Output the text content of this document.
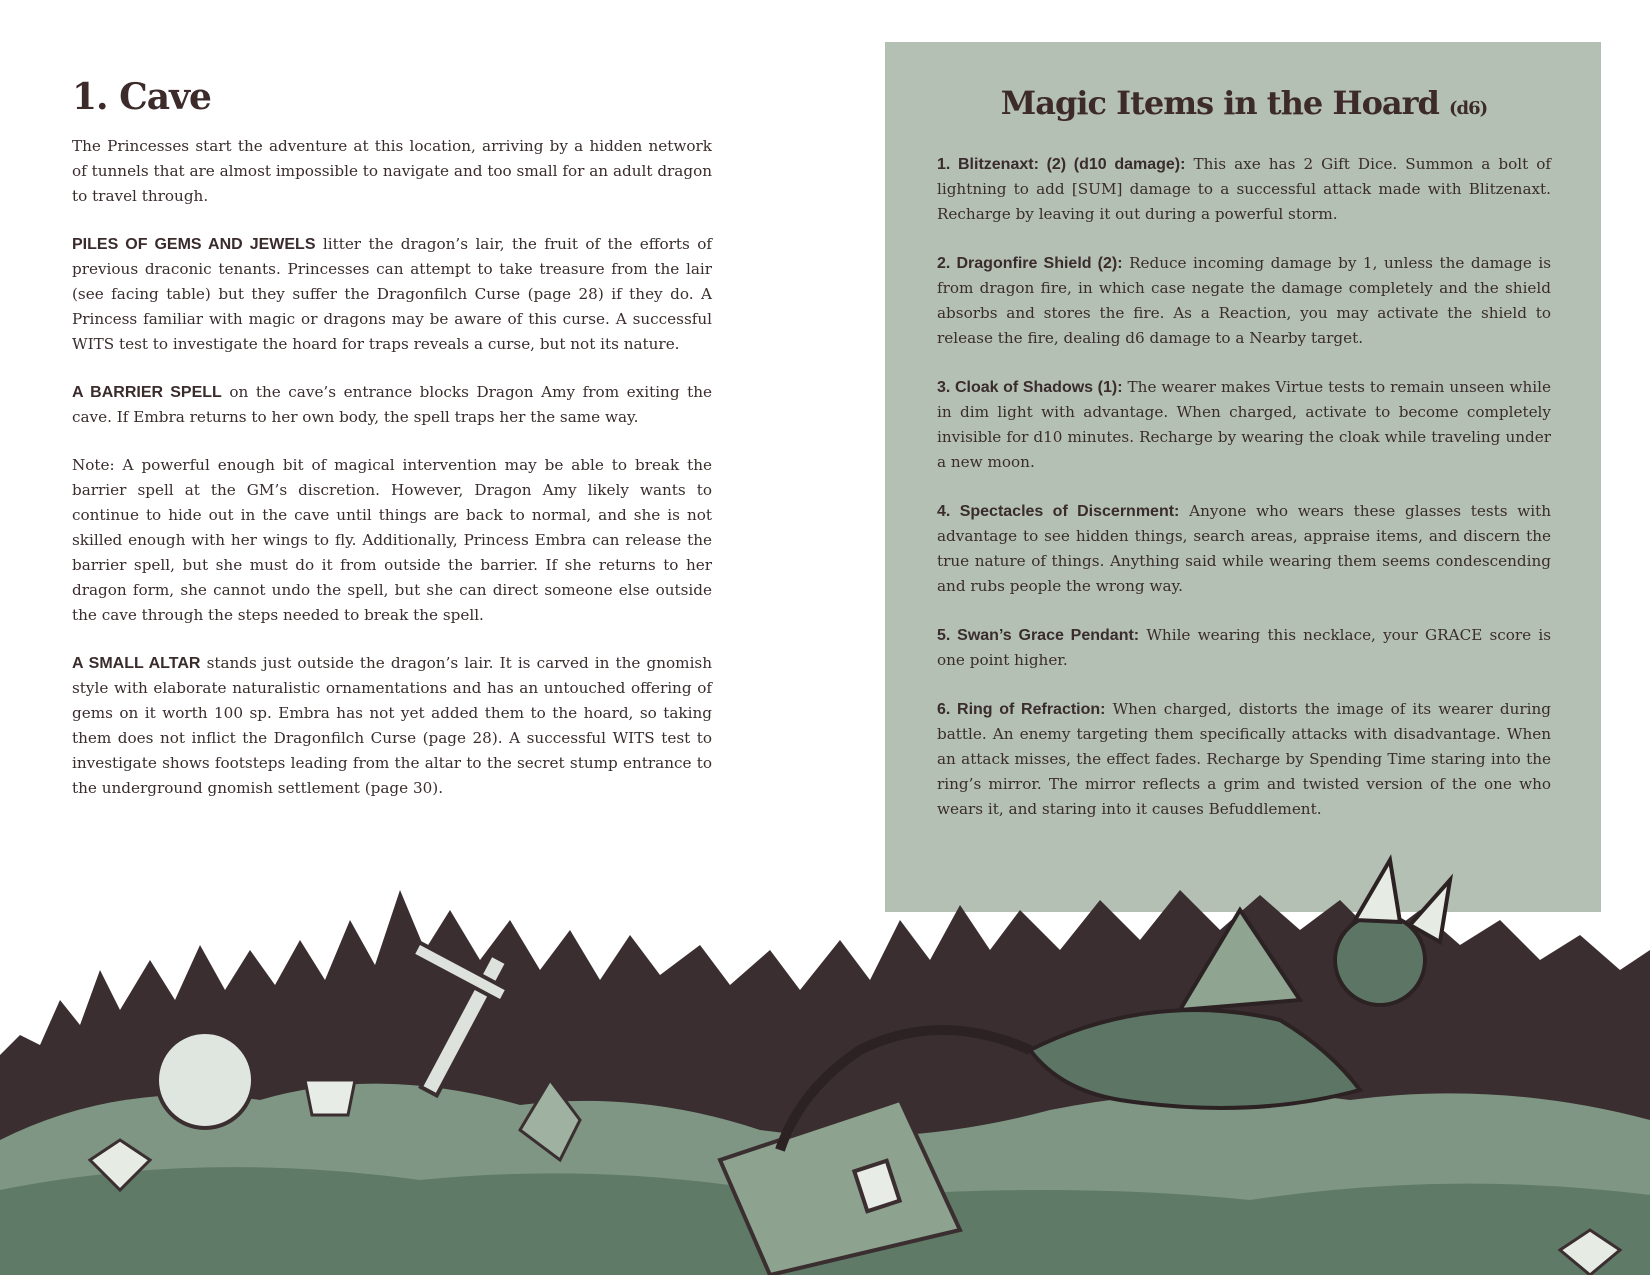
1. Cave

The Princesses start the adventure at this location, arriving by a hidden network of tunnels that are almost impossible to navigate and too small for an adult dragon to travel through.

PILES OF GEMS AND JEWELS litter the dragon’s lair, the fruit of the efforts of previous draconic tenants. Princesses can attempt to take treasure from the lair (see facing table) but they suffer the Dragonfilch Curse (page 28) if they do. A Princess familiar with magic or dragons may be aware of this curse. A successful WITS test to investigate the hoard for traps reveals a curse, but not its nature.

A BARRIER SPELL on the cave’s entrance blocks Dragon Amy from exiting the cave. If Embra returns to her own body, the spell traps her the same way.

Note: A powerful enough bit of magical intervention may be able to break the barrier spell at the GM’s discretion. However, Dragon Amy likely wants to continue to hide out in the cave until things are back to normal, and she is not skilled enough with her wings to fly. Additionally, Princess Embra can release the barrier spell, but she must do it from outside the barrier. If she returns to her dragon form, she cannot undo the spell, but she can direct someone else outside the cave through the steps needed to break the spell.

A SMALL ALTAR stands just outside the dragon’s lair. It is carved in the gnomish style with elaborate naturalistic ornamentations and has an untouched offering of gems on it worth 100 sp. Embra has not yet added them to the hoard, so taking them does not inflict the Dragonfilch Curse (page 28). A successful WITS test to investigate shows footsteps leading from the altar to the secret stump entrance to the underground gnomish settlement (page 30).

Magic Items in the Hoard (d6)

1. Blitzenaxt: (2) (d10 damage): This axe has 2 Gift Dice. Summon a bolt of lightning to add [SUM] damage to a successful attack made with Blitzenaxt. Recharge by leaving it out during a powerful storm.

2. Dragonfire Shield (2): Reduce incoming damage by 1, unless the damage is from dragon fire, in which case negate the damage completely and the shield absorbs and stores the fire. As a Reaction, you may activate the shield to release the fire, dealing d6 damage to a Nearby target.

3. Cloak of Shadows (1): The wearer makes Virtue tests to remain unseen while in dim light with advantage. When charged, activate to become completely invisible for d10 minutes. Recharge by wearing the cloak while traveling under a new moon.

4. Spectacles of Discernment: Anyone who wears these glasses tests with advantage to see hidden things, search areas, appraise items, and discern the true nature of things. Anything said while wearing them seems condescending and rubs people the wrong way.

5. Swan’s Grace Pendant: While wearing this necklace, your GRACE score is one point higher.

6. Ring of Refraction: When charged, distorts the image of its wearer during battle. An enemy targeting them specifically attacks with disadvantage. When an attack misses, the effect fades. Recharge by Spending Time staring into the ring’s mirror. The mirror reflects a grim and twisted version of the one who wears it, and staring into it causes Befuddlement.
